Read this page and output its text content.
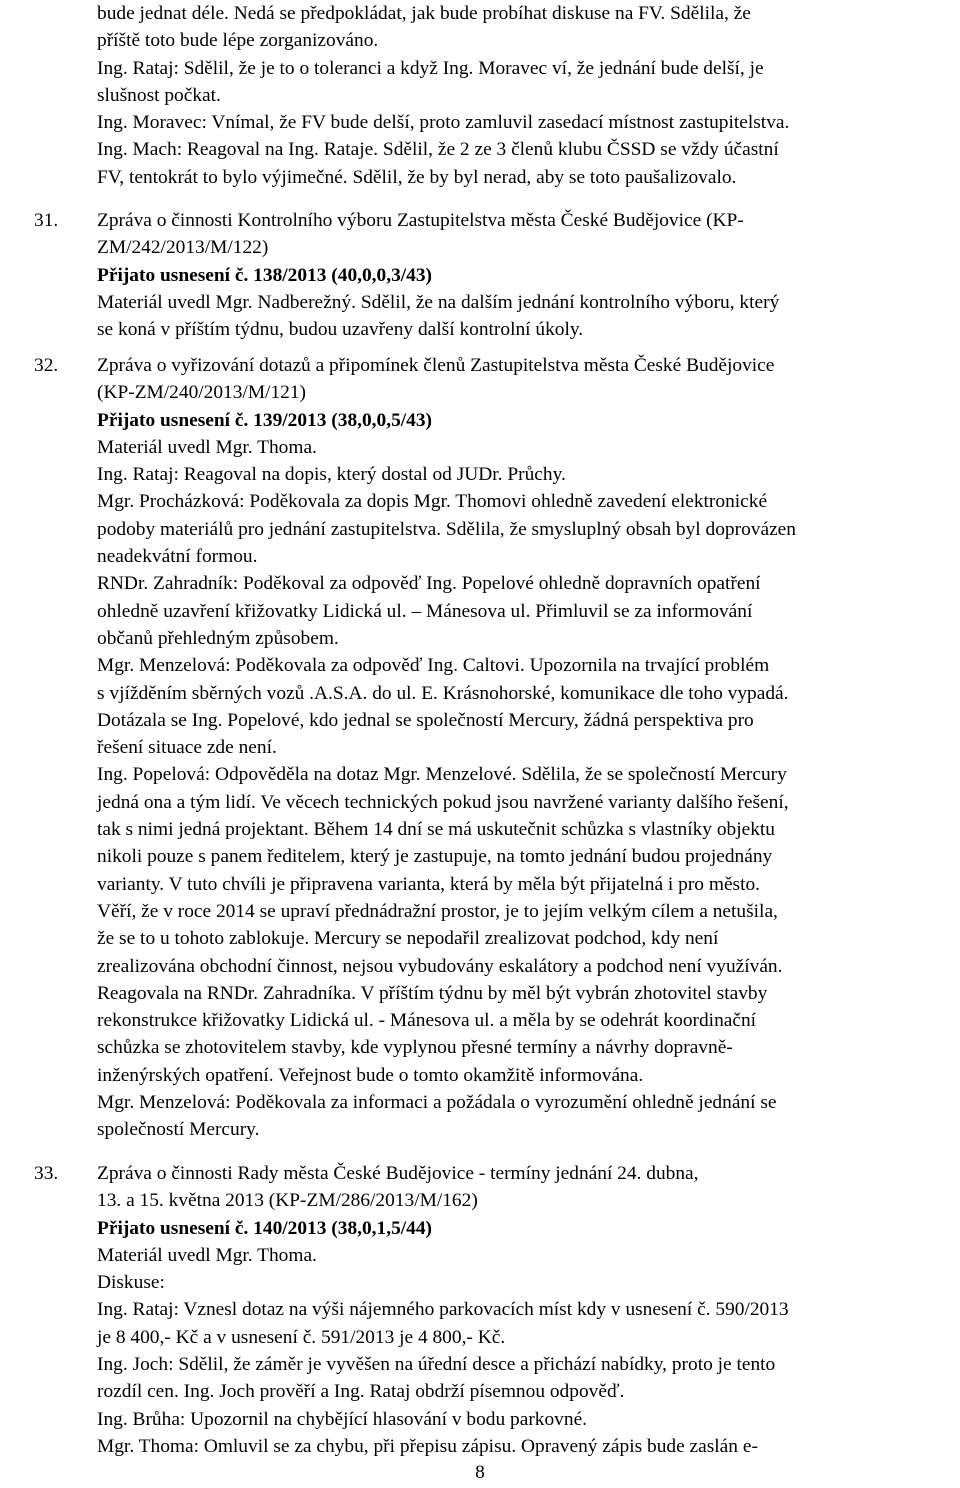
bude jednat déle. Nedá se předpokládat, jak bude probíhat diskuse na FV. Sdělila, že
příště toto bude lépe zorganizováno.
Ing. Rataj: Sdělil, že je to o toleranci a když Ing. Moravec ví, že jednání bude delší, je
slušnost počkat.
Ing. Moravec: Vnímal, že FV bude delší, proto zamluvil zasedací místnost zastupitelstva.
Ing. Mach: Reagoval na Ing. Rataje. Sdělil, že 2 ze 3 členů klubu ČSSD se vždy účastní
FV, tentokrát to bylo výjimečné. Sdělil, že by byl nerad, aby se toto paušalizovalo.
31. Zpráva o činnosti Kontrolního výboru Zastupitelstva města České Budějovice (KP-
ZM/242/2013/M/122)
Přijato usnesení č. 138/2013 (40,0,0,3/43)
Materiál uvedl Mgr. Nadberežný. Sdělil, že na dalším jednání kontrolního výboru, který
se koná v příštím týdnu, budou uzavřeny další kontrolní úkoly.
32. Zpráva o vyřizování dotazů a připomínek členů Zastupitelstva města České Budějovice
(KP-ZM/240/2013/M/121)
Přijato usnesení č. 139/2013 (38,0,0,5/43)
Materiál uvedl Mgr. Thoma.
Ing. Rataj: Reagoval na dopis, který dostal od JUDr. Průchy.
Mgr. Procházková: Poděkovala za dopis Mgr. Thomovi ohledně zavedení elektronické
podoby materiálů pro jednání zastupitelstva. Sdělila, že smysluplný obsah byl doprovázen
neadekvátní formou.
RNDr. Zahradník: Poděkoval za odpověď Ing. Popelové ohledně dopravních opatření
ohledně uzavření křižovatky Lidická ul. – Mánesova ul. Přimluvil se za informování
občanů přehledným způsobem.
Mgr. Menzelová: Poděkovala za odpověď Ing. Caltovi. Upozornila na trvající problém
s vjížděním sběrných vozů .A.S.A. do ul. E. Krásnohorské, komunikace dle toho vypadá.
Dotázala se Ing. Popelové, kdo jednal se společností Mercury, žádná perspektiva pro
řešení situace zde není.
Ing. Popelová: Odpověděla na dotaz Mgr. Menzelové. Sdělila, že se společností Mercury
jedná ona a tým lidí. Ve věcech technických pokud jsou navržené varianty dalšího řešení,
tak s nimi jedná projektant. Během 14 dní se má uskutečnit schůzka s vlastníky objektu
nikoli pouze s panem ředitelem, který je zastupuje, na tomto jednání budou projednány
varianty. V tuto chvíli je připravena varianta, která by měla být přijatelná i pro město.
Věří, že v roce 2014 se upraví přednádražní prostor, je to jejím velkým cílem a netušila,
že se to u tohoto zablokuje. Mercury se nepodařil zrealizovat podchod, kdy není
zrealizována obchodní činnost, nejsou vybudovány eskalátory a podchod není využíván.
Reagovala na RNDr. Zahradníka. V příštím týdnu by měl být vybrán zhotovitel stavby
rekonstrukce křižovatky Lidická ul. - Mánesova ul. a měla by se odehrát koordinační
schůzka se zhotovitelem stavby, kde vyplynou přesné termíny a návrhy dopravně-
inženýrských opatření. Veřejnost bude o tomto okamžitě informována.
Mgr. Menzelová: Poděkovala za informaci a požádala o vyrozumění ohledně jednání se
společností Mercury.
33. Zpráva o činnosti Rady města České Budějovice - termíny jednání 24. dubna,
13. a 15. května 2013 (KP-ZM/286/2013/M/162)
Přijato usnesení č. 140/2013 (38,0,1,5/44)
Materiál uvedl Mgr. Thoma.
Diskuse:
Ing. Rataj: Vznesl dotaz na výši nájemného parkovacích míst kdy v usnesení č. 590/2013
je 8 400,- Kč a v usnesení č. 591/2013 je 4 800,- Kč.
Ing. Joch: Sdělil, že záměr je vyvěšen na úřední desce a přichází nabídky, proto je tento
rozdíl cen. Ing. Joch prověří a Ing. Rataj obdrží písemnou odpověď.
Ing. Brůha: Upozornil na chybějící hlasování v bodu parkovné.
Mgr. Thoma: Omluvil se za chybu, při přepisu zápisu. Opravený zápis bude zaslán e-
8
